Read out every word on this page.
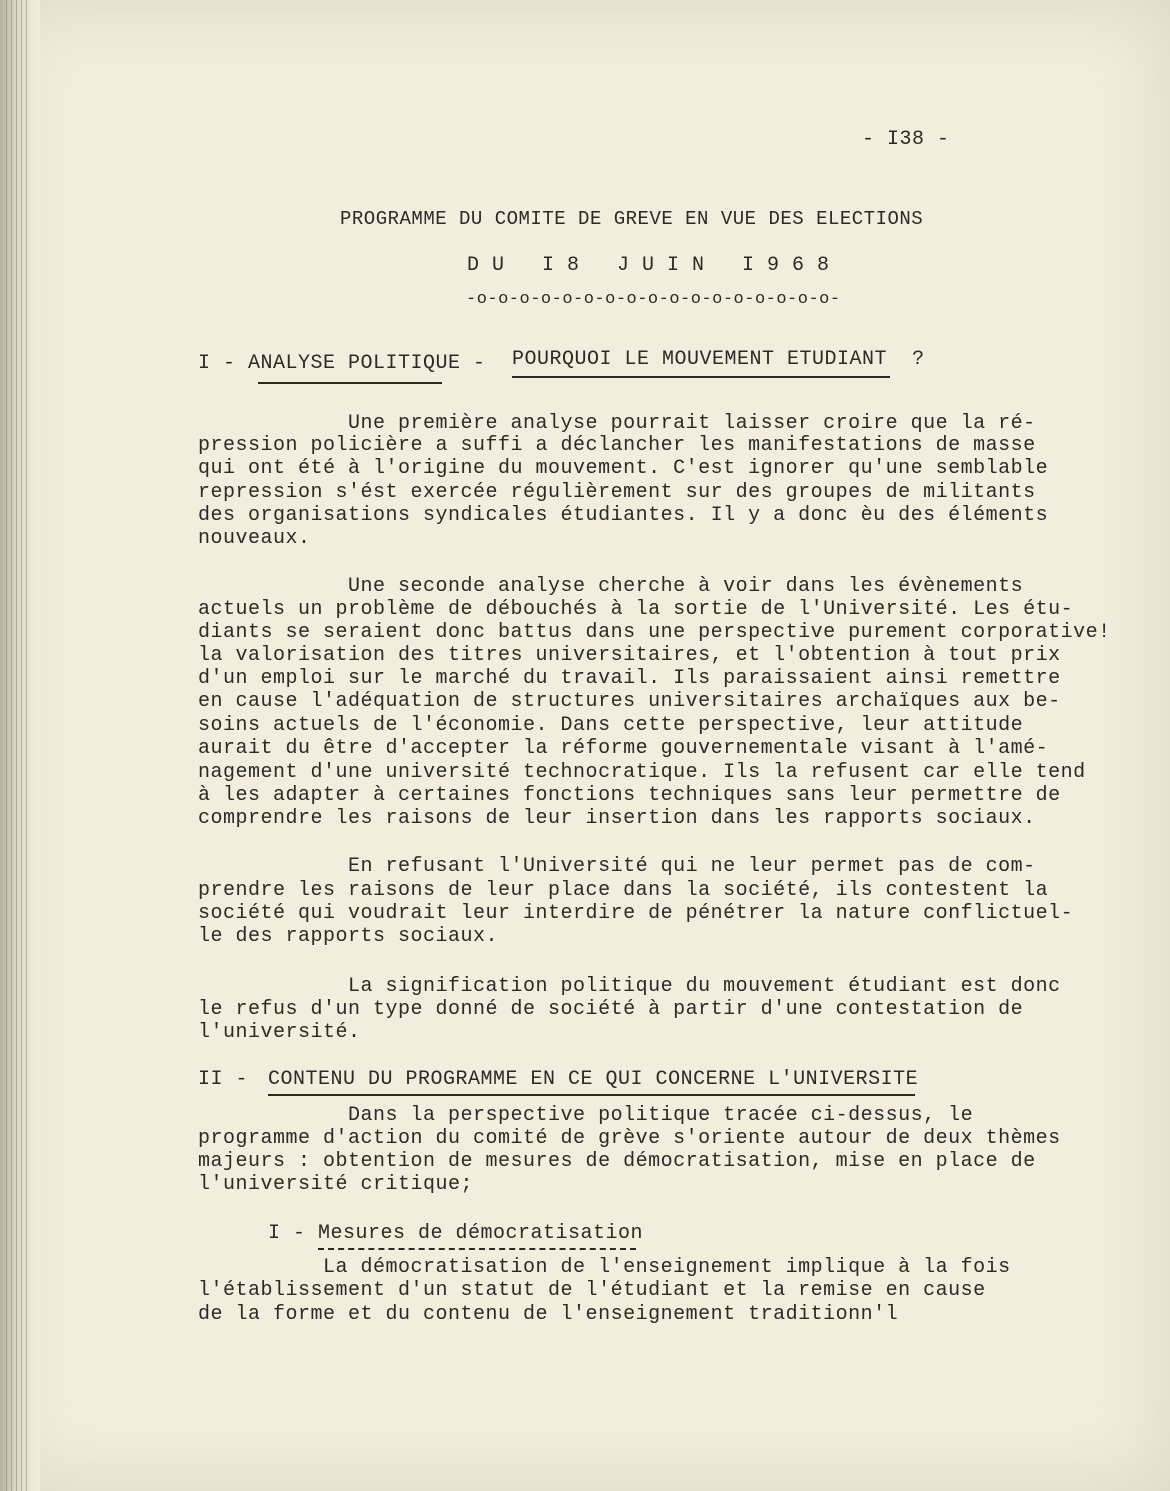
- I38 -

PROGRAMME DU COMITE DE GREVE EN VUE DES ELECTIONS

D U   I 8   J U I N   I 9 6 8

-o-o-o-o-o-o-o-o-o-o-o-o-o-o-o-o-o-

I - ANALYSE POLITIQUE - POURQUOI LE MOUVEMENT ETUDIANT  ?

Une première analyse pourrait laisser croire que la ré-

pression policière a suffi a déclancher les manifestations de masse

qui ont été à l'origine du mouvement. C'est ignorer qu'une semblable

repression s'ést exercée régulièrement sur des groupes de militants

des organisations syndicales étudiantes. Il y a donc èu des éléments

nouveaux.

Une seconde analyse cherche à voir dans les évènements

actuels un problème de débouchés à la sortie de l'Université. Les étu-

diants se seraient donc battus dans une perspective purement corporative!

la valorisation des titres universitaires, et l'obtention à tout prix

d'un emploi sur le marché du travail. Ils paraissaient ainsi remettre

en cause l'adéquation de structures universitaires archaïques aux be-

soins actuels de l'économie. Dans cette perspective, leur attitude

aurait du être d'accepter la réforme gouvernementale visant à l'amé-

nagement d'une université technocratique. Ils la refusent car elle tend

à les adapter à certaines fonctions techniques sans leur permettre de

comprendre les raisons de leur insertion dans les rapports sociaux.

En refusant l'Université qui ne leur permet pas de com-

prendre les raisons de leur place dans la société, ils contestent la

société qui voudrait leur interdire de pénétrer la nature conflictuel-

le des rapports sociaux.

La signification politique du mouvement étudiant est donc

le refus d'un type donné de société à partir d'une contestation de

l'université.

II - CONTENU DU PROGRAMME EN CE QUI CONCERNE L'UNIVERSITE

Dans la perspective politique tracée ci-dessus, le

programme d'action du comité de grève s'oriente autour de deux thèmes

majeurs : obtention de mesures de démocratisation, mise en place de

l'université critique;

I - Mesures de démocratisation

La démocratisation de l'enseignement implique à la fois

l'établissement d'un statut de l'étudiant et la remise en cause

de la forme et du contenu de l'enseignement traditionn'l
